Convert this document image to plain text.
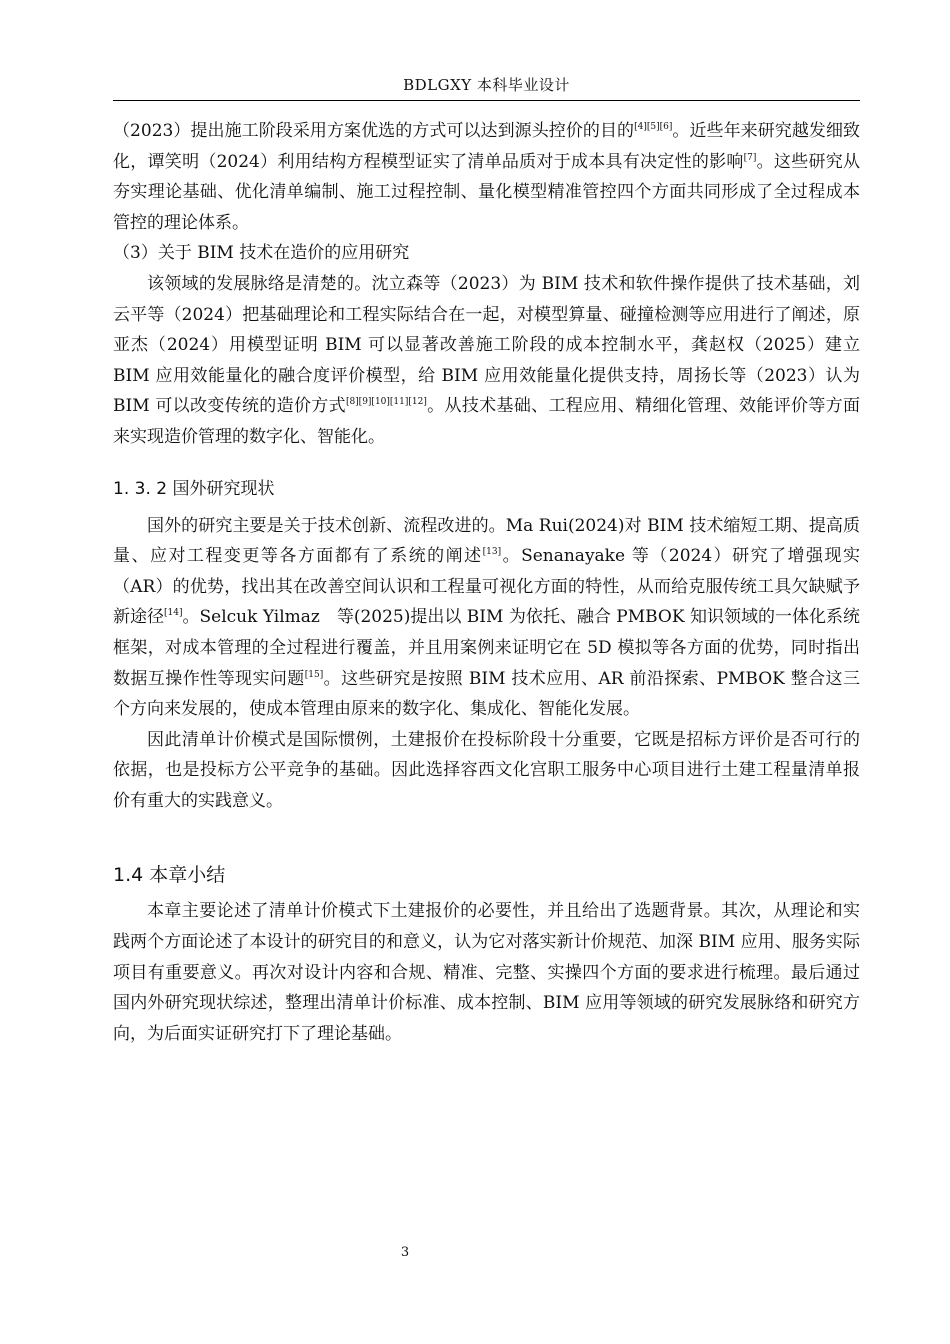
BDLGXY 本科毕业设计

（2023）提出施工阶段采用方案优选的方式可以达到源头控价的目的[4][5][6]。近些年来研究越发细致化，谭笑明（2024）利用结构方程模型证实了清单品质对于成本具有决定性的影响[7]。这些研究从夯实理论基础、优化清单编制、施工过程控制、量化模型精准管控四个方面共同形成了全过程成本管控的理论体系。

（3）关于 BIM 技术在造价的应用研究

该领域的发展脉络是清楚的。沈立森等（2023）为 BIM 技术和软件操作提供了技术基础，刘云平等（2024）把基础理论和工程实际结合在一起，对模型算量、碰撞检测等应用进行了阐述，原亚杰（2024）用模型证明 BIM 可以显著改善施工阶段的成本控制水平，龚赵权（2025）建立 BIM 应用效能量化的融合度评价模型，给 BIM 应用效能量化提供支持，周扬长等（2023）认为 BIM 可以改变传统的造价方式[8][9][10][11][12]。从技术基础、工程应用、精细化管理、效能评价等方面来实现造价管理的数字化、智能化。

1. 3. 2 国外研究现状

国外的研究主要是关于技术创新、流程改进的。Ma Rui(2024)对 BIM 技术缩短工期、提高质量、应对工程变更等各方面都有了系统的阐述[13]。Senanayake 等（2024）研究了增强现实（AR）的优势，找出其在改善空间认识和工程量可视化方面的特性，从而给克服传统工具欠缺赋予新途径[14]。Selcuk Yilmaz　等(2025)提出以 BIM 为依托、融合 PMBOK 知识领域的一体化系统框架，对成本管理的全过程进行覆盖，并且用案例来证明它在 5D 模拟等各方面的优势，同时指出数据互操作性等现实问题[15]。这些研究是按照 BIM 技术应用、AR 前沿探索、PMBOK 整合这三个方向来发展的，使成本管理由原来的数字化、集成化、智能化发展。

因此清单计价模式是国际惯例，土建报价在投标阶段十分重要，它既是招标方评价是否可行的依据，也是投标方公平竞争的基础。因此选择容西文化宫职工服务中心项目进行土建工程量清单报价有重大的实践意义。

1.4 本章小结

本章主要论述了清单计价模式下土建报价的必要性，并且给出了选题背景。其次，从理论和实践两个方面论述了本设计的研究目的和意义，认为它对落实新计价规范、加深 BIM 应用、服务实际项目有重要意义。再次对设计内容和合规、精准、完整、实操四个方面的要求进行梳理。最后通过国内外研究现状综述，整理出清单计价标准、成本控制、BIM 应用等领域的研究发展脉络和研究方向，为后面实证研究打下了理论基础。

3
